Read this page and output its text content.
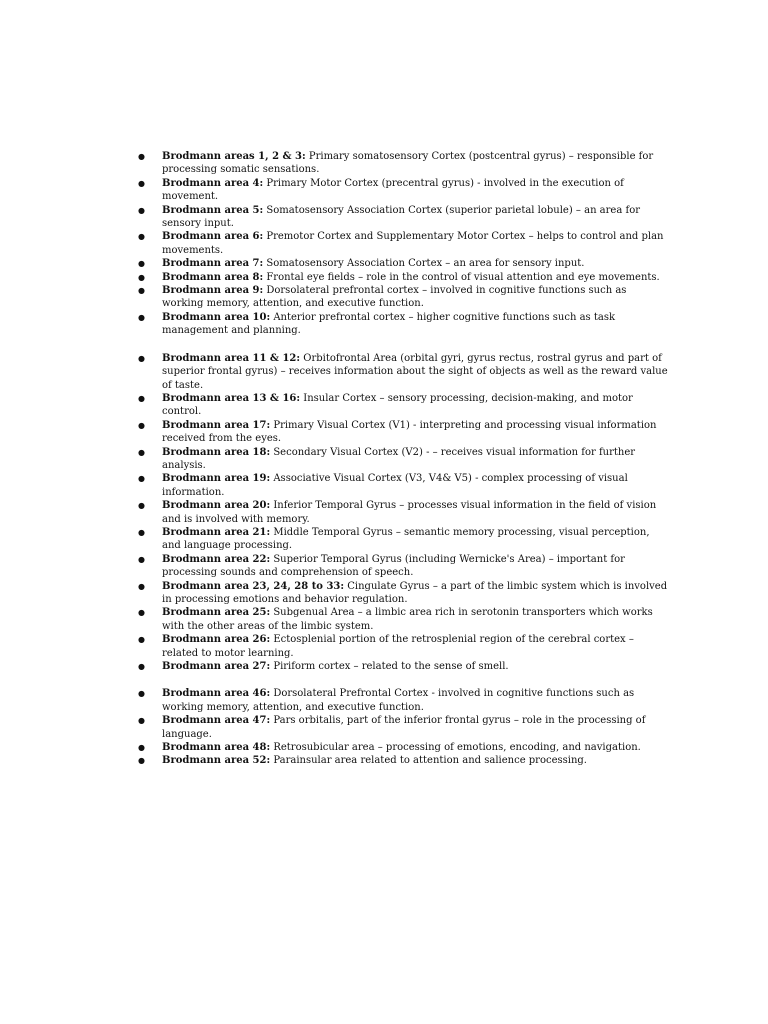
● Brodmann areas 1, 2 & 3: Primary somatosensory Cortex (postcentral gyrus) – responsible for processing somatic sensations.
● Brodmann area 4: Primary Motor Cortex (precentral gyrus) - involved in the execution of movement.
● Brodmann area 5: Somatosensory Association Cortex (superior parietal lobule) – an area for sensory input.
● Brodmann area 6: Premotor Cortex and Supplementary Motor Cortex – helps to control and plan movements.
● Brodmann area 7: Somatosensory Association Cortex – an area for sensory input.
● Brodmann area 8: Frontal eye fields – role in the control of visual attention and eye movements.
● Brodmann area 9: Dorsolateral prefrontal cortex – involved in cognitive functions such as working memory, attention, and executive function.
● Brodmann area 10: Anterior prefrontal cortex – higher cognitive functions such as task management and planning.
● Brodmann area 11 & 12: Orbitofrontal Area (orbital gyri, gyrus rectus, rostral gyrus and part of superior frontal gyrus) – receives information about the sight of objects as well as the reward value of taste.
● Brodmann area 13 & 16: Insular Cortex – sensory processing, decision-making, and motor control.
● Brodmann area 17: Primary Visual Cortex (V1) - interpreting and processing visual information received from the eyes.
● Brodmann area 18: Secondary Visual Cortex (V2) - – receives visual information for further analysis.
● Brodmann area 19: Associative Visual Cortex (V3, V4& V5) - complex processing of visual information.
● Brodmann area 20: Inferior Temporal Gyrus – processes visual information in the field of vision and is involved with memory.
● Brodmann area 21: Middle Temporal Gyrus – semantic memory processing, visual perception, and language processing.
● Brodmann area 22: Superior Temporal Gyrus (including Wernicke's Area) – important for processing sounds and comprehension of speech.
● Brodmann area 23, 24, 28 to 33: Cingulate Gyrus – a part of the limbic system which is involved in processing emotions and behavior regulation.
● Brodmann area 25: Subgenual Area – a limbic area rich in serotonin transporters which works with the other areas of the limbic system.
● Brodmann area 26: Ectosplenial portion of the retrosplenial region of the cerebral cortex – related to motor learning.
● Brodmann area 27: Piriform cortex – related to the sense of smell.
● Brodmann area 46: Dorsolateral Prefrontal Cortex - involved in cognitive functions such as working memory, attention, and executive function.
● Brodmann area 47: Pars orbitalis, part of the inferior frontal gyrus – role in the processing of language.
● Brodmann area 48: Retrosubicular area – processing of emotions, encoding, and navigation.
● Brodmann area 52: Parainsular area related to attention and salience processing.
